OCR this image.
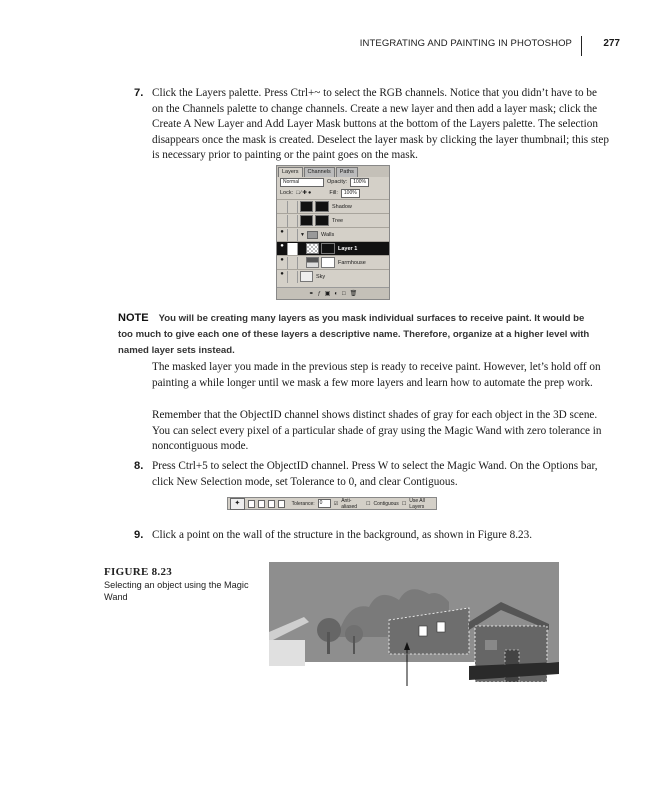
INTEGRATING AND PAINTING IN PHOTOSHOP	277
7. Click the Layers palette. Press Ctrl+~ to select the RGB channels. Notice that you didn’t have to be on the Channels palette to change channels. Create a new layer and then add a layer mask; click the Create A New Layer and Add Layer Mask buttons at the bottom of the Layers palette. The selection disappears once the mask is created. Deselect the layer mask by clicking the layer thumbnail; this step is necessary prior to painting or the paint goes on the mask.
Layers	Channels	Paths
Normal	Opacity:	100%
Lock: □∕✚●	Fill:	100%
Shadow
Tree
●	▼	Walls
●	Layer 1
●	Farmhouse
●	Sky
⚭ ƒ ▣ ◐ □ 🗑
NOTE You will be creating many layers as you mask individual surfaces to receive paint. It would be too much to give each one of these layers a descriptive name. Therefore, organize at a higher level with named layer sets instead.
The masked layer you made in the previous step is ready to receive paint. However, let’s hold off on painting a while longer until we mask a few more layers and learn how to automate the prep work.
Remember that the ObjectID channel shows distinct shades of gray for each object in the 3D scene. You can select every pixel of a particular shade of gray using the Magic Wand with zero tolerance in noncontiguous mode.
8. Press Ctrl+5 to select the ObjectID channel. Press W to select the Magic Wand. On the Options bar, click New Selection mode, set Tolerance to 0, and clear Contiguous.
✦	Tolerance:	0	☑ Anti-aliased	☐ Contiguous ☐ Use All Layers
9. Click a point on the wall of the structure in the background, as shown in Figure 8.23.
FIGURE 8.23
Selecting an object using the Magic Wand
